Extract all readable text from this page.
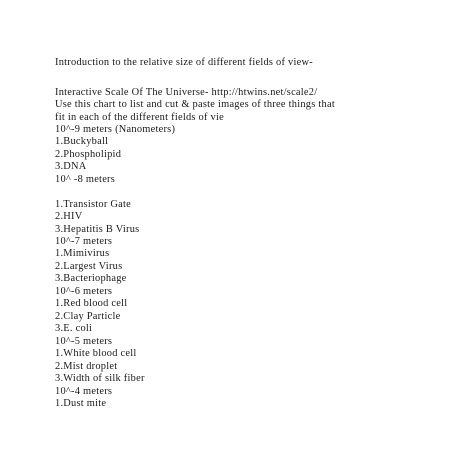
Introduction to the relative size of different fields of view-
Interactive Scale Of The Universe- http://htwins.net/scale2/
Use this chart to list and cut & paste images of three things that
fit in each of the different fields of vie
10^-9 meters (Nanometers)
1.Buckyball
2.Phospholipid
3.DNA
10^ -8 meters
1.Transistor Gate
2.HIV
3.Hepatitis B Virus
10^-7 meters
1.Mimivirus
2.Largest Virus
3.Bacteriophage
10^-6 meters
1.Red blood cell
2.Clay Particle
3.E. coli
10^-5 meters
1.White blood cell
2.Mist droplet
3.Width of silk fiber
10^-4 meters
1.Dust mite
